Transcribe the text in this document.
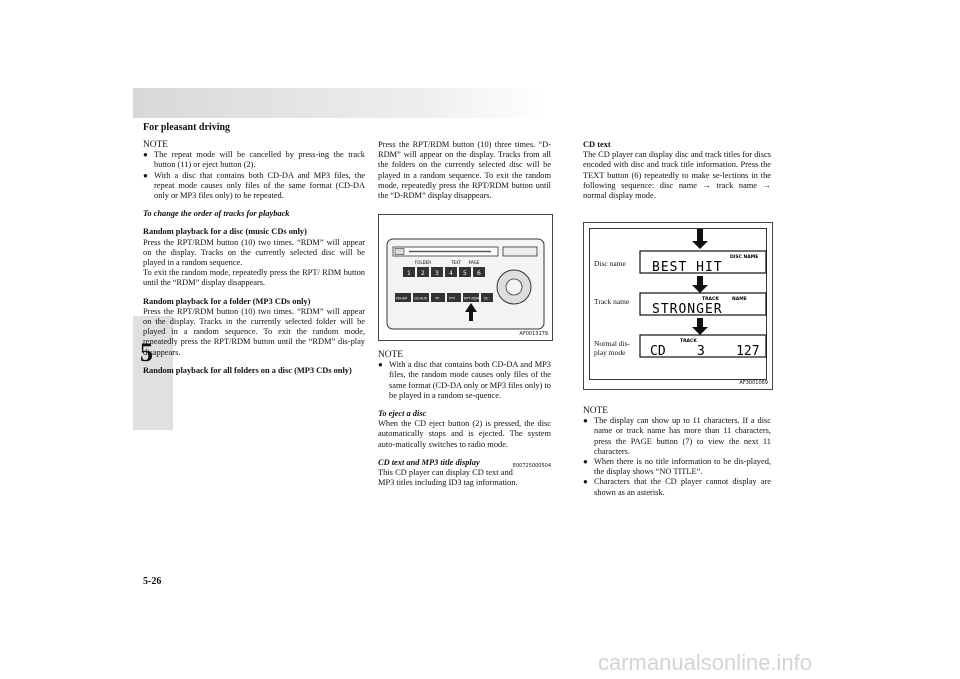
For pleasant driving
5

NOTE

● The repeat mode will be cancelled by press-ing the track button (11) or eject button (2).

● With a disc that contains both CD-DA and MP3 files, the repeat mode causes only files of the same format (CD-DA only or MP3 files only) to be repeated.

To change the order of tracks for playback

Random playback for a disc (music CDs only)

Press the RPT/RDM button (10) two times. “RDM” will appear on the display. Tracks on the currently selected disc will be played in a random sequence.

To exit the random mode, repeatedly press the RPT/ RDM button until the “RDM” display disappears.

Random playback for a folder (MP3 CDs only)

Press the RPT/RDM button (10) two times. “RDM” will appear on the display. Tracks in the currently selected folder will be played in a random sequence. To exit the random mode, repeatedly press the RPT/RDM button until the “RDM” dis-play disappears.

Random playback for all folders on a disc (MP3 CDs only)

Press the RPT/RDM button (10) three times. “D-RDM” will appear on the display. Tracks from all the folders on the currently selected disc will be played in a random sequence. To exit the random mode, repeatedly press the RPT/RDM button until the “D-RDM” display disappears.

FOLDER	TEXT PAGE
1 2 3 4 5 6
FM·AM CD·AUX TP	PTY	RPT·RDM SC
AF0013179

NOTE

● With a disc that contains both CD-DA and MP3 files, the random mode causes only files of the same format (CD-DA only or MP3 files only) to be played in a random se-quence.

To eject a disc

When the CD eject button (2) is pressed, the disc automatically stops and is ejected. The system auto-matically switches to radio mode.

E00725000504
CD text and MP3 title display

This CD player can display CD text and MP3 titles including ID3 tag information.

CD text

The CD player can display disc and track titles for discs encoded with disc and track title information. Press the TEXT button (6) repeatedly to make se-lections in the following sequence: disc name → track name → normal display mode.

Disc name
Track name
Normal dis-
play mode
DISC NAME
BEST HIT
TRACK	NAME
STRONGER
TRACK
CD    3    127
AF3001069

NOTE

● The display can show up to 11 characters. If a disc name or track name has more than 11 characters, press the PAGE button (7) to view the next 11 characters.

● When there is no title information to be dis-played, the display shows “NO TITLE”.

● Characters that the CD player cannot display are shown as an asterisk.

5-26
carmanualsonline.info
